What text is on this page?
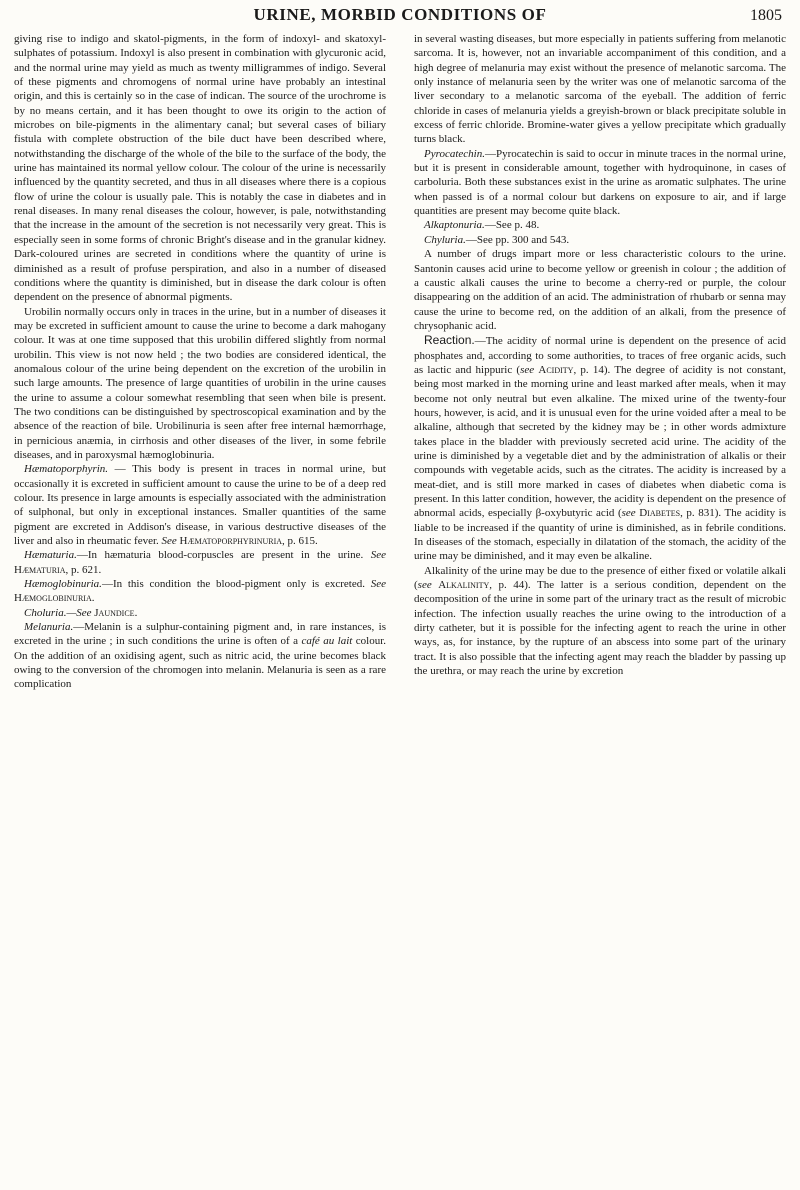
URINE, MORBID CONDITIONS OF	1805

giving rise to indigo and skatol-pigments, in the form of indoxyl- and skatoxyl-sulphates of potassium. Indoxyl is also present in combination with glycuronic acid, and the normal urine may yield as much as twenty milligrammes of indigo. Several of these pigments and chromogens of normal urine have probably an intestinal origin, and this is certainly so in the case of indican. The source of the urochrome is by no means certain, and it has been thought to owe its origin to the action of microbes on bile-pigments in the alimentary canal; but several cases of biliary fistula with complete obstruction of the bile duct have been described where, notwithstanding the discharge of the whole of the bile to the surface of the body, the urine has maintained its normal yellow colour. The colour of the urine is necessarily influenced by the quantity secreted, and thus in all diseases where there is a copious flow of urine the colour is usually pale. This is notably the case in diabetes and in renal diseases. In many renal diseases the colour, however, is pale, notwithstanding that the increase in the amount of the secretion is not necessarily very great. This is especially seen in some forms of chronic Bright's disease and in the granular kidney. Dark-coloured urines are secreted in conditions where the quantity of urine is diminished as a result of profuse perspiration, and also in a number of diseased conditions where the quantity is diminished, but in disease the dark colour is often dependent on the presence of abnormal pigments.

Urobilin normally occurs only in traces in the urine, but in a number of diseases it may be excreted in sufficient amount to cause the urine to become a dark mahogany colour. It was at one time supposed that this urobilin differed slightly from normal urobilin. This view is not now held ; the two bodies are considered identical, the anomalous colour of the urine being dependent on the excretion of the urobilin in such large amounts. The presence of large quantities of urobilin in the urine causes the urine to assume a colour somewhat resembling that seen when bile is present. The two conditions can be distinguished by spectroscopical examination and by the absence of the reaction of bile. Urobilinuria is seen after free internal hæmorrhage, in pernicious anæmia, in cirrhosis and other diseases of the liver, in some febrile diseases, and in paroxysmal hæmoglobinuria.

Hæmatoporphyrin. — This body is present in traces in normal urine, but occasionally it is excreted in sufficient amount to cause the urine to be of a deep red colour. Its presence in large amounts is especially associated with the administration of sulphonal, but only in exceptional instances. Smaller quantities of the same pigment are excreted in Addison's disease, in various destructive diseases of the liver and also in rheumatic fever. See Hæmatoporphyrinuria, p. 615.

Hæmaturia.—In hæmaturia blood-corpuscles are present in the urine. See Hæmaturia, p. 621.

Hæmoglobinuria.—In this condition the blood-pigment only is excreted. See Hæmoglobinuria.

Choluria.—See Jaundice.

Melanuria.—Melanin is a sulphur-containing pigment and, in rare instances, is excreted in the urine ; in such conditions the urine is often of a café au lait colour. On the addition of an oxidising agent, such as nitric acid, the urine becomes black owing to the conversion of the chromogen into melanin. Melanuria is seen as a rare complication

in several wasting diseases, but more especially in patients suffering from melanotic sarcoma. It is, however, not an invariable accompaniment of this condition, and a high degree of melanuria may exist without the presence of melanotic sarcoma. The only instance of melanuria seen by the writer was one of melanotic sarcoma of the liver secondary to a melanotic sarcoma of the eyeball. The addition of ferric chloride in cases of melanuria yields a greyish-brown or black precipitate soluble in excess of ferric chloride. Bromine-water gives a yellow precipitate which gradually turns black.

Pyrocatechin.—Pyrocatechin is said to occur in minute traces in the normal urine, but it is present in considerable amount, together with hydroquinone, in cases of carboluria. Both these substances exist in the urine as aromatic sulphates. The urine when passed is of a normal colour but darkens on exposure to air, and if large quantities are present may become quite black.

Alkaptonuria.—See p. 48.

Chyluria.—See pp. 300 and 543.

A number of drugs impart more or less characteristic colours to the urine. Santonin causes acid urine to become yellow or greenish in colour ; the addition of a caustic alkali causes the urine to become a cherry-red or purple, the colour disappearing on the addition of an acid. The administration of rhubarb or senna may cause the urine to become red, on the addition of an alkali, from the presence of chrysophanic acid.

Reaction.—The acidity of normal urine is dependent on the presence of acid phosphates and, according to some authorities, to traces of free organic acids, such as lactic and hippuric (see Acidity, p. 14). The degree of acidity is not constant, being most marked in the morning urine and least marked after meals, when it may become not only neutral but even alkaline. The mixed urine of the twenty-four hours, however, is acid, and it is unusual even for the urine voided after a meal to be alkaline, although that secreted by the kidney may be ; in other words admixture takes place in the bladder with previously secreted acid urine. The acidity of the urine is diminished by a vegetable diet and by the administration of alkalis or their compounds with vegetable acids, such as the citrates. The acidity is increased by a meat-diet, and is still more marked in cases of diabetes when diabetic coma is present. In this latter condition, however, the acidity is dependent on the presence of abnormal acids, especially β-oxybutyric acid (see Diabetes, p. 831). The acidity is liable to be increased if the quantity of urine is diminished, as in febrile conditions. In diseases of the stomach, especially in dilatation of the stomach, the acidity of the urine may be diminished, and it may even be alkaline.

Alkalinity of the urine may be due to the presence of either fixed or volatile alkali (see Alkalinity, p. 44). The latter is a serious condition, dependent on the decomposition of the urine in some part of the urinary tract as the result of microbic infection. The infection usually reaches the urine owing to the introduction of a dirty catheter, but it is possible for the infecting agent to reach the urine in other ways, as, for instance, by the rupture of an abscess into some part of the urinary tract. It is also possible that the infecting agent may reach the bladder by passing up the urethra, or may reach the urine by excretion
